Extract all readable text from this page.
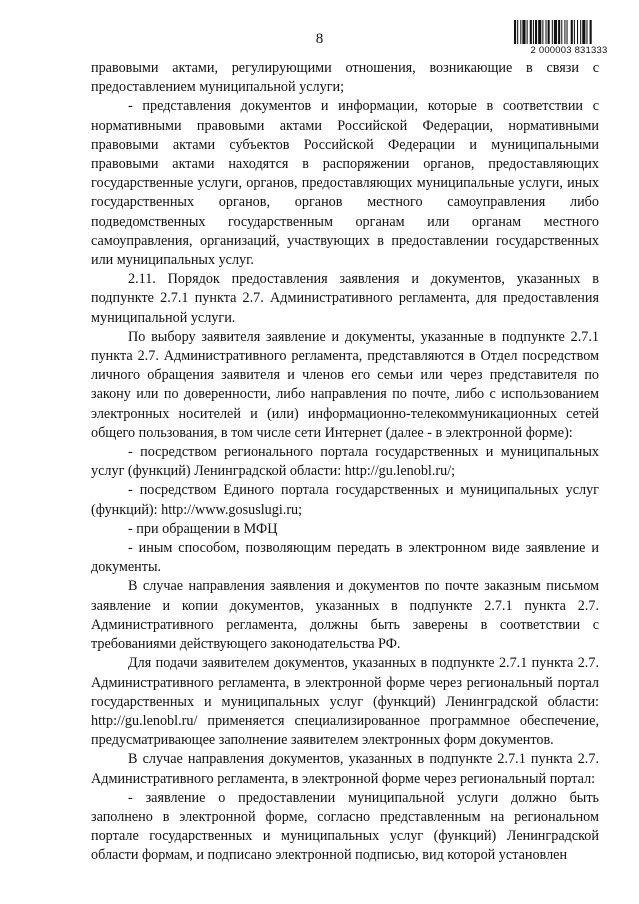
8
2 000003 831333

правовыми актами, регулирующими отношения, возникающие в связи с предоставлением муниципальной услуги;

- представления документов и информации, которые в соответствии с нормативными правовыми актами Российской Федерации, нормативными правовыми актами субъектов Российской Федерации и муниципальными правовыми актами находятся в распоряжении органов, предоставляющих государственные услуги, органов, предоставляющих муниципальные услуги, иных государственных органов, органов местного самоуправления либо подведомственных государственным органам или органам местного самоуправления, организаций, участвующих в предоставлении государственных или муниципальных услуг.

2.11. Порядок предоставления заявления и документов, указанных в подпункте 2.7.1 пункта 2.7. Административного регламента, для предоставления муниципальной услуги.

По выбору заявителя заявление и документы, указанные в подпункте 2.7.1 пункта 2.7. Административного регламента, представляются в Отдел посредством личного обращения заявителя и членов его семьи или через представителя по закону или по доверенности, либо направления по почте, либо с использованием электронных носителей и (или) информационно-телекоммуникационных сетей общего пользования, в том числе сети Интернет (далее - в электронной форме):

- посредством регионального портала государственных и муниципальных услуг (функций) Ленинградской области: http://gu.lenobl.ru/;

- посредством Единого портала государственных и муниципальных услуг (функций): http://www.gosuslugi.ru;

- при обращении в МФЦ

- иным способом, позволяющим передать в электронном виде заявление и документы.

В случае направления заявления и документов по почте заказным письмом заявление и копии документов, указанных в подпункте 2.7.1 пункта 2.7. Административного регламента, должны быть заверены в соответствии с требованиями действующего законодательства РФ.

Для подачи заявителем документов, указанных в подпункте 2.7.1 пункта 2.7. Административного регламента, в электронной форме через региональный портал государственных и муниципальных услуг (функций) Ленинградской области: http://gu.lenobl.ru/ применяется специализированное программное обеспечение, предусматривающее заполнение заявителем электронных форм документов.

В случае направления документов, указанных в подпункте 2.7.1 пункта 2.7. Административного регламента, в электронной форме через региональный портал:

- заявление о предоставлении муниципальной услуги должно быть заполнено в электронной форме, согласно представленным на региональном портале государственных и муниципальных услуг (функций) Ленинградской области формам, и подписано электронной подписью, вид которой установлен
